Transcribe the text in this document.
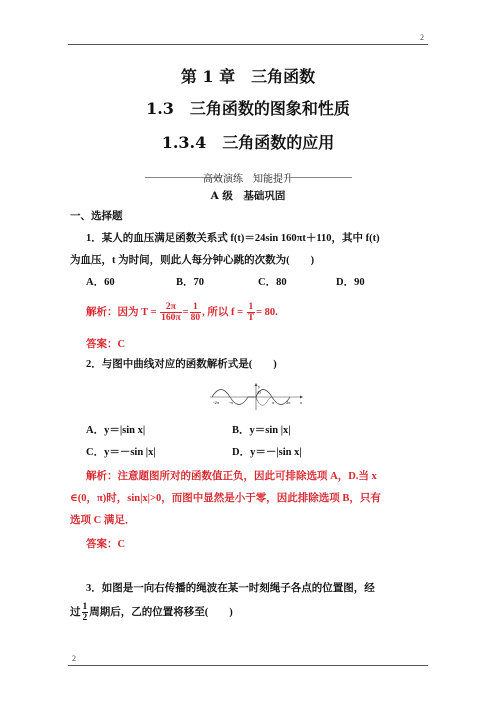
2
第 1 章　三角函数
1.3　三角函数的图象和性质
1.3.4　三角函数的应用
高效演练　知能提升
A 级　基础巩固
一、选择题
1．某人的血压满足函数关系式 f(t)＝24sin 160πt＋110，其中 f(t)
为血压，t 为时间，则此人每分钟心跳的次数为(　　)
A．60	B．70	C．80	D．90
解析：因为 $T = \frac{2\pi}{160\pi} = \frac{1}{80}$ , 所以 $f = \frac{1}{T} = 80$.
答案：C
2．与图中曲线对应的函数解析式是(　　)
y
O
-2π -π	π	2π x
A．y＝|sin x|	B．y＝sin |x|
C．y＝－sin |x|	D．y＝－|sin x|
解析：注意题图所对的函数值正负，因此可排除选项 A，D.当 x
∈(0，π)时，sin|x|>0，而图中显然是小于零，因此排除选项 B，只有
选项 C 满足．
答案：C
3．如图是一向右传播的绳波在某一时刻绳子各点的位置图，经
过 $\frac{1}{2}$ 周期后，乙的位置将移至(　　)
2
